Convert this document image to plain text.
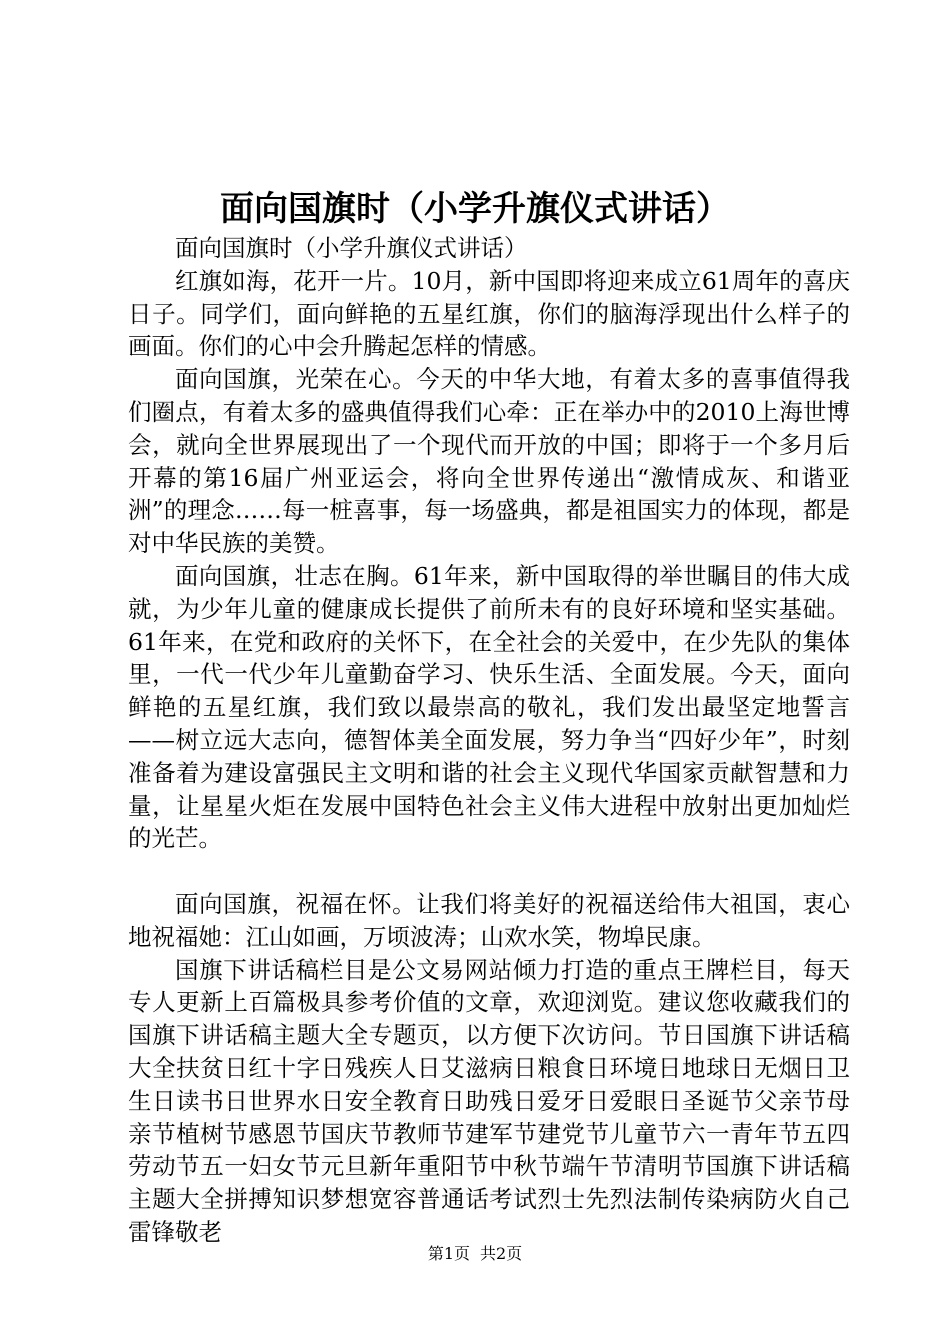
面向国旗时（小学升旗仪式讲话）

面向国旗时（小学升旗仪式讲话）

红旗如海，花开一片。10月，新中国即将迎来成立61周年的喜庆日子。同学们，面向鲜艳的五星红旗，你们的脑海浮现出什么样子的画面。你们的心中会升腾起怎样的情感。

面向国旗，光荣在心。今天的中华大地，有着太多的喜事值得我们圈点，有着太多的盛典值得我们心牵：正在举办中的2010上海世博会，就向全世界展现出了一个现代而开放的中国；即将于一个多月后开幕的第16届广州亚运会，将向全世界传递出“激情成灰、和谐亚洲”的理念……每一桩喜事，每一场盛典，都是祖国实力的体现，都是对中华民族的美赞。

面向国旗，壮志在胸。61年来，新中国取得的举世瞩目的伟大成就，为少年儿童的健康成长提供了前所未有的良好环境和坚实基础。61年来，在党和政府的关怀下，在全社会的关爱中，在少先队的集体里，一代一代少年儿童勤奋学习、快乐生活、全面发展。今天，面向鲜艳的五星红旗，我们致以最崇高的敬礼，我们发出最坚定地誓言——树立远大志向，德智体美全面发展，努力争当“四好少年”，时刻准备着为建设富强民主文明和谐的社会主义现代华国家贡献智慧和力量，让星星火炬在发展中国特色社会主义伟大进程中放射出更加灿烂的光芒。

面向国旗，祝福在怀。让我们将美好的祝福送给伟大祖国，衷心地祝福她：江山如画，万顷波涛；山欢水笑，物埠民康。

国旗下讲话稿栏目是公文易网站倾力打造的重点王牌栏目，每天专人更新上百篇极具参考价值的文章，欢迎浏览。建议您收藏我们的国旗下讲话稿主题大全专题页，以方便下次访问。节日国旗下讲话稿大全扶贫日红十字日残疾人日艾滋病日粮食日环境日地球日无烟日卫生日读书日世界水日安全教育日助残日爱牙日爱眼日圣诞节父亲节母亲节植树节感恩节国庆节教师节建军节建党节儿童节六一青年节五四劳动节五一妇女节元旦新年重阳节中秋节端午节清明节国旗下讲话稿主题大全拼搏知识梦想宽容普通话考试烈士先烈法制传染病防火自己雷锋敬老

第1页 共2页
